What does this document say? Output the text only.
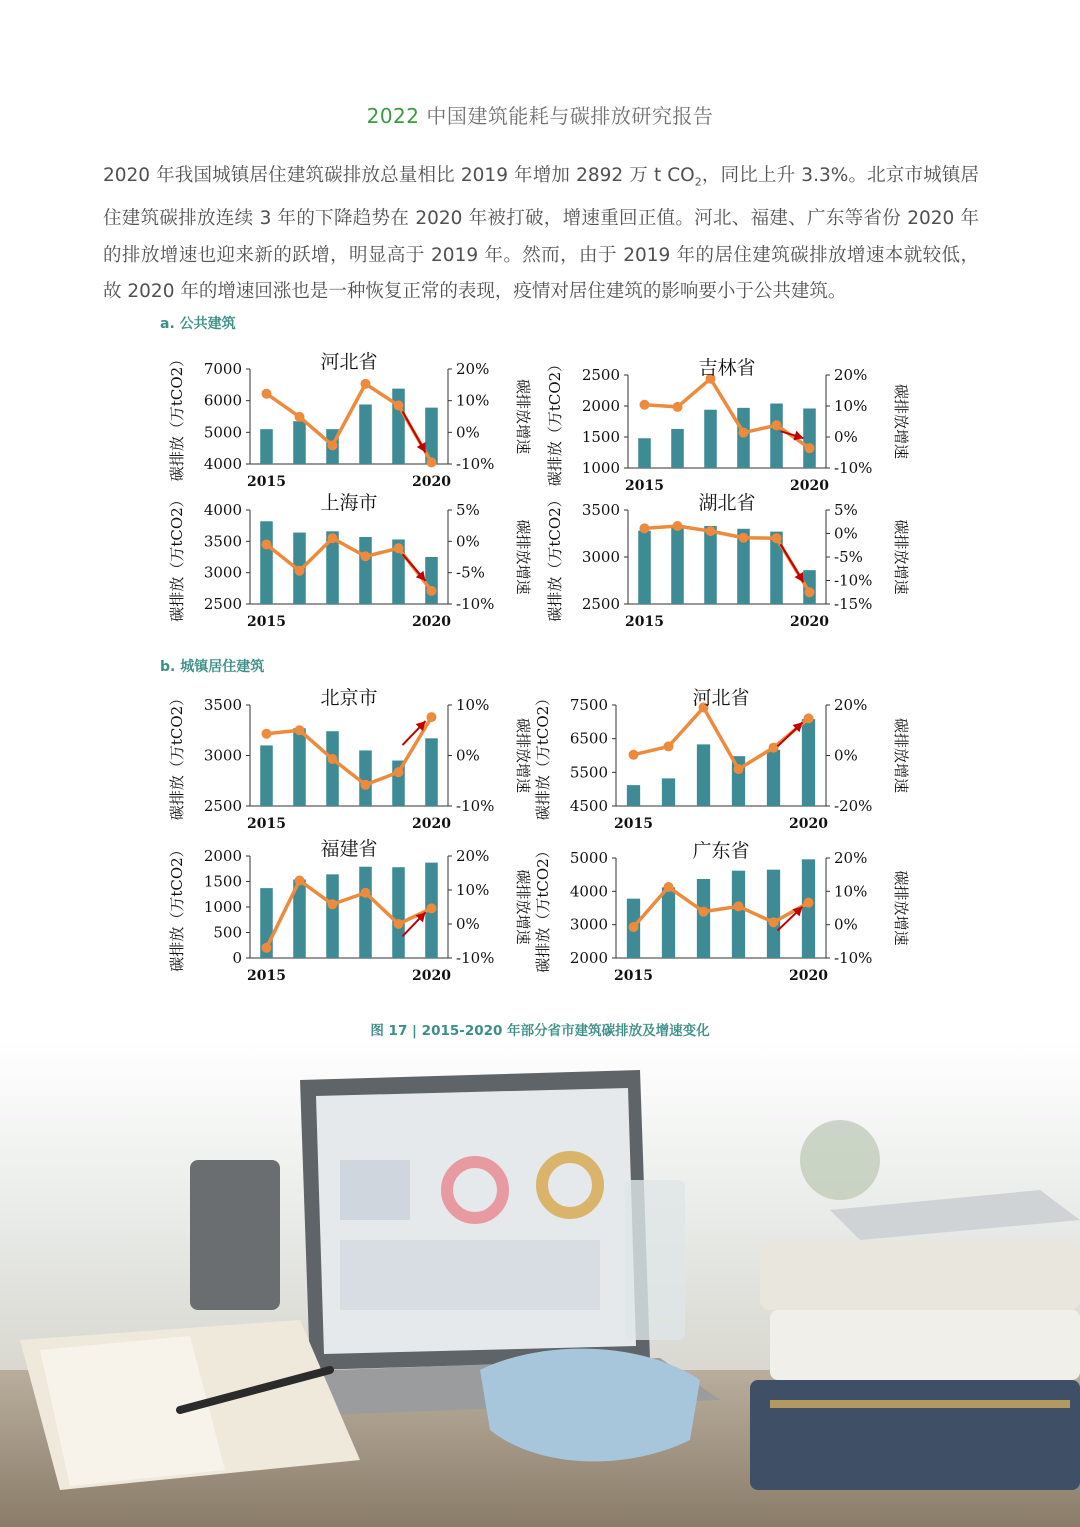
2022 中国建筑能耗与碳排放研究报告
2020 年我国城镇居住建筑碳排放总量相比 2019 年增加 2892 万 t $CO_2$，同比上升 3.3%。北京市城镇居住建筑碳排放连续 3 年的下降趋势在 2020 年被打破，增速重回正值。河北、福建、广东等省份 2020 年的排放增速也迎来新的跃增，明显高于 2019 年。然而，由于 2019 年的居住建筑碳排放增速本就较低，故 2020 年的增速回涨也是一种恢复正常的表现，疫情对居住建筑的影响要小于公共建筑。
a. 公共建筑
b. 城镇居住建筑
4000
5000
6000
7000
-10%
0%
10%
20%
2015	2020
河北省
碳排放（万tCO2）	碳排放增速
1000
1500
2000
2500
-10%
0%
10%
20%
2015	2020
吉林省
碳排放（万tCO2）	碳排放增速
2500
3000
3500
4000
-10%
-5%
0%
5%
2015	2020
上海市
碳排放（万tCO2）	碳排放增速
2500
3000
3500
-15%
-10%
-5%
0%
5%
2015	2020
湖北省
碳排放（万tCO2）	碳排放增速
2500
3000
3500
-10%
0%
10%
2015	2020
北京市
碳排放（万tCO2）	碳排放增速
4500
5500
6500
7500
-20%
0%
20%
2015	2020
河北省
碳排放（万tCO2）	碳排放增速
0
500
1000
1500
2000
-10%
0%
10%
20%
2015	2020
福建省
碳排放（万tCO2）	碳排放增速
2000
3000
4000
5000
-10%
0%
10%
20%
2015	2020
广东省
碳排放（万tCO2）	碳排放增速
图 17 | 2015-2020 年部分省市建筑碳排放及增速变化
